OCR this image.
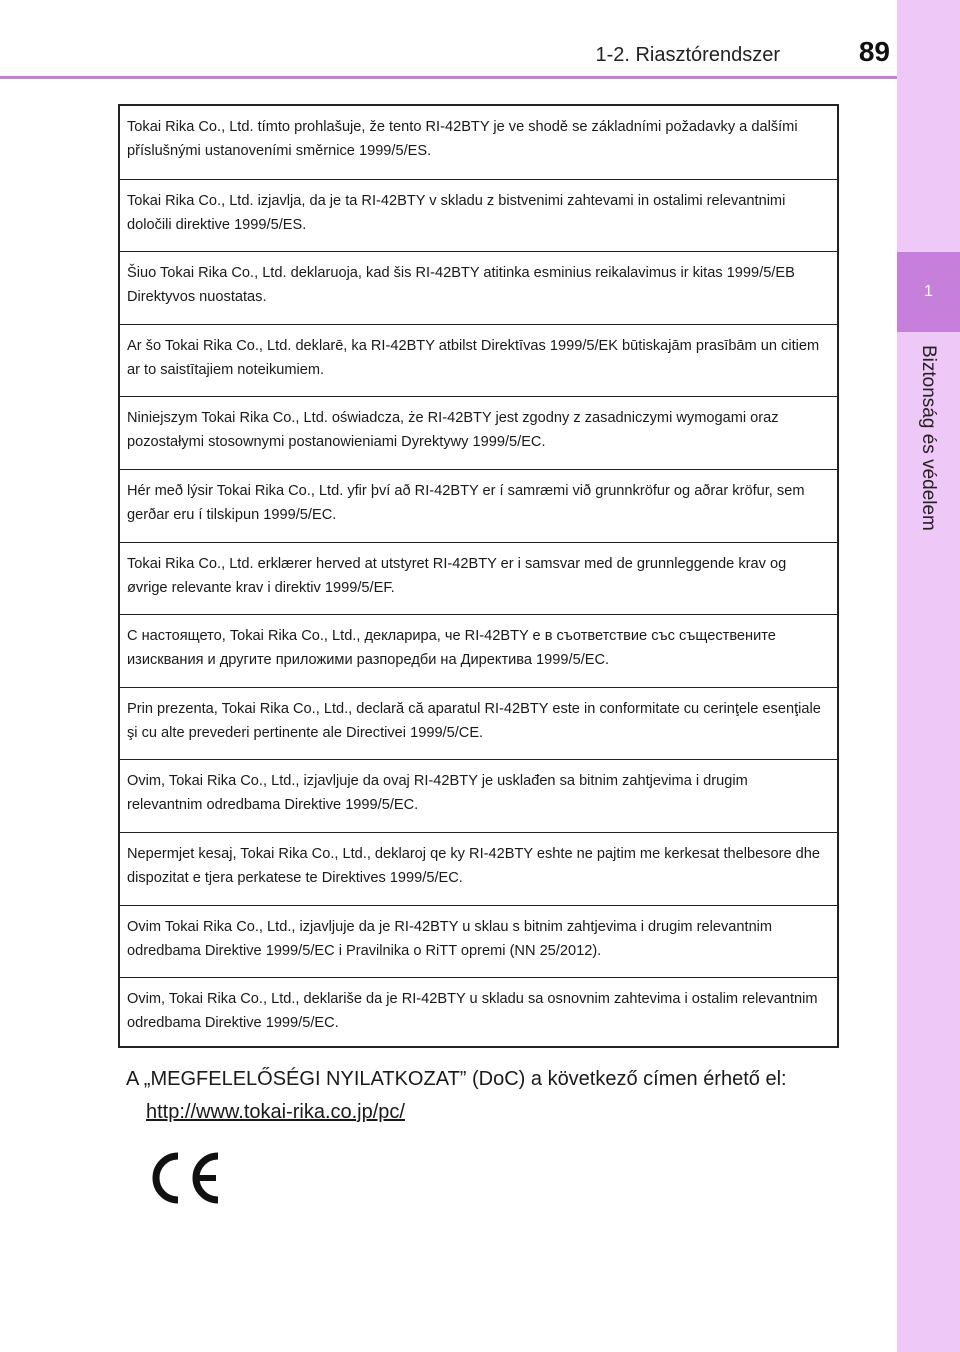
1-2. Riasztórendszer	89
1
Biztonság és védelem
Tokai Rika Co., Ltd. tímto prohlašuje, že tento RI-42BTY je ve shodě se základními požadavky a dalšími příslušnými ustanoveními směrnice 1999/5/ES.
Tokai Rika Co., Ltd. izjavlja, da je ta RI-42BTY v skladu z bistvenimi zahtevami in ostalimi relevantnimi določili direktive 1999/5/ES.
Šiuo Tokai Rika Co., Ltd. deklaruoja, kad šis RI-42BTY atitinka esminius reikalavimus ir kitas 1999/5/EB Direktyvos nuostatas.
Ar šo Tokai Rika Co., Ltd. deklarē, ka RI-42BTY atbilst Direktīvas 1999/5/EK būtiskajām prasībām un citiem ar to saistītajiem noteikumiem.
Niniejszym Tokai Rika Co., Ltd. oświadcza, że RI-42BTY jest zgodny z zasadniczymi wymogami oraz pozostałymi stosownymi postanowieniami Dyrektywy 1999/5/EC.
Hér með lýsir Tokai Rika Co., Ltd. yfir því að RI-42BTY er í samræmi við grunnkröfur og aðrar kröfur, sem gerðar eru í tilskipun 1999/5/EC.
Tokai Rika Co., Ltd. erklærer herved at utstyret RI-42BTY er i samsvar med de grunnleggende krav og øvrige relevante krav i direktiv 1999/5/EF.
С настоящето, Tokai Rika Co., Ltd., декларира, че RI-42BTY е в съответствие със съществените изисквания и другите приложими разпоредби на Директива 1999/5/ЕС.
Prin prezenta, Tokai Rika Co., Ltd., declară că aparatul RI-42BTY este in conformitate cu cerinţele esenţiale şi cu alte prevederi pertinente ale Directivei 1999/5/CE.
Ovim, Tokai Rika Co., Ltd., izjavljuje da ovaj RI-42BTY je usklađen sa bitnim zahtjevima i drugim relevantnim odredbama Direktive 1999/5/EC.
Nepermjet kesaj, Tokai Rika Co., Ltd., deklaroj qe ky RI-42BTY eshte ne pajtim me kerkesat thelbesore dhe dispozitat e tjera perkatese te Direktives 1999/5/EC.
Ovim Tokai Rika Co., Ltd., izjavljuje da je RI-42BTY u sklau s bitnim zahtjevima i drugim relevantnim odredbama Direktive 1999/5/EC i Pravilnika o RiTT opremi (NN 25/2012).
Ovim, Tokai Rika Co., Ltd., deklariše da je RI-42BTY u skladu sa osnovnim zahtevima i ostalim relevantnim odredbama Direktive 1999/5/EC.
A „MEGFELELŐSÉGI NYILATKOZAT” (DoC) a következő címen érhető el:
http://www.tokai-rika.co.jp/pc/
